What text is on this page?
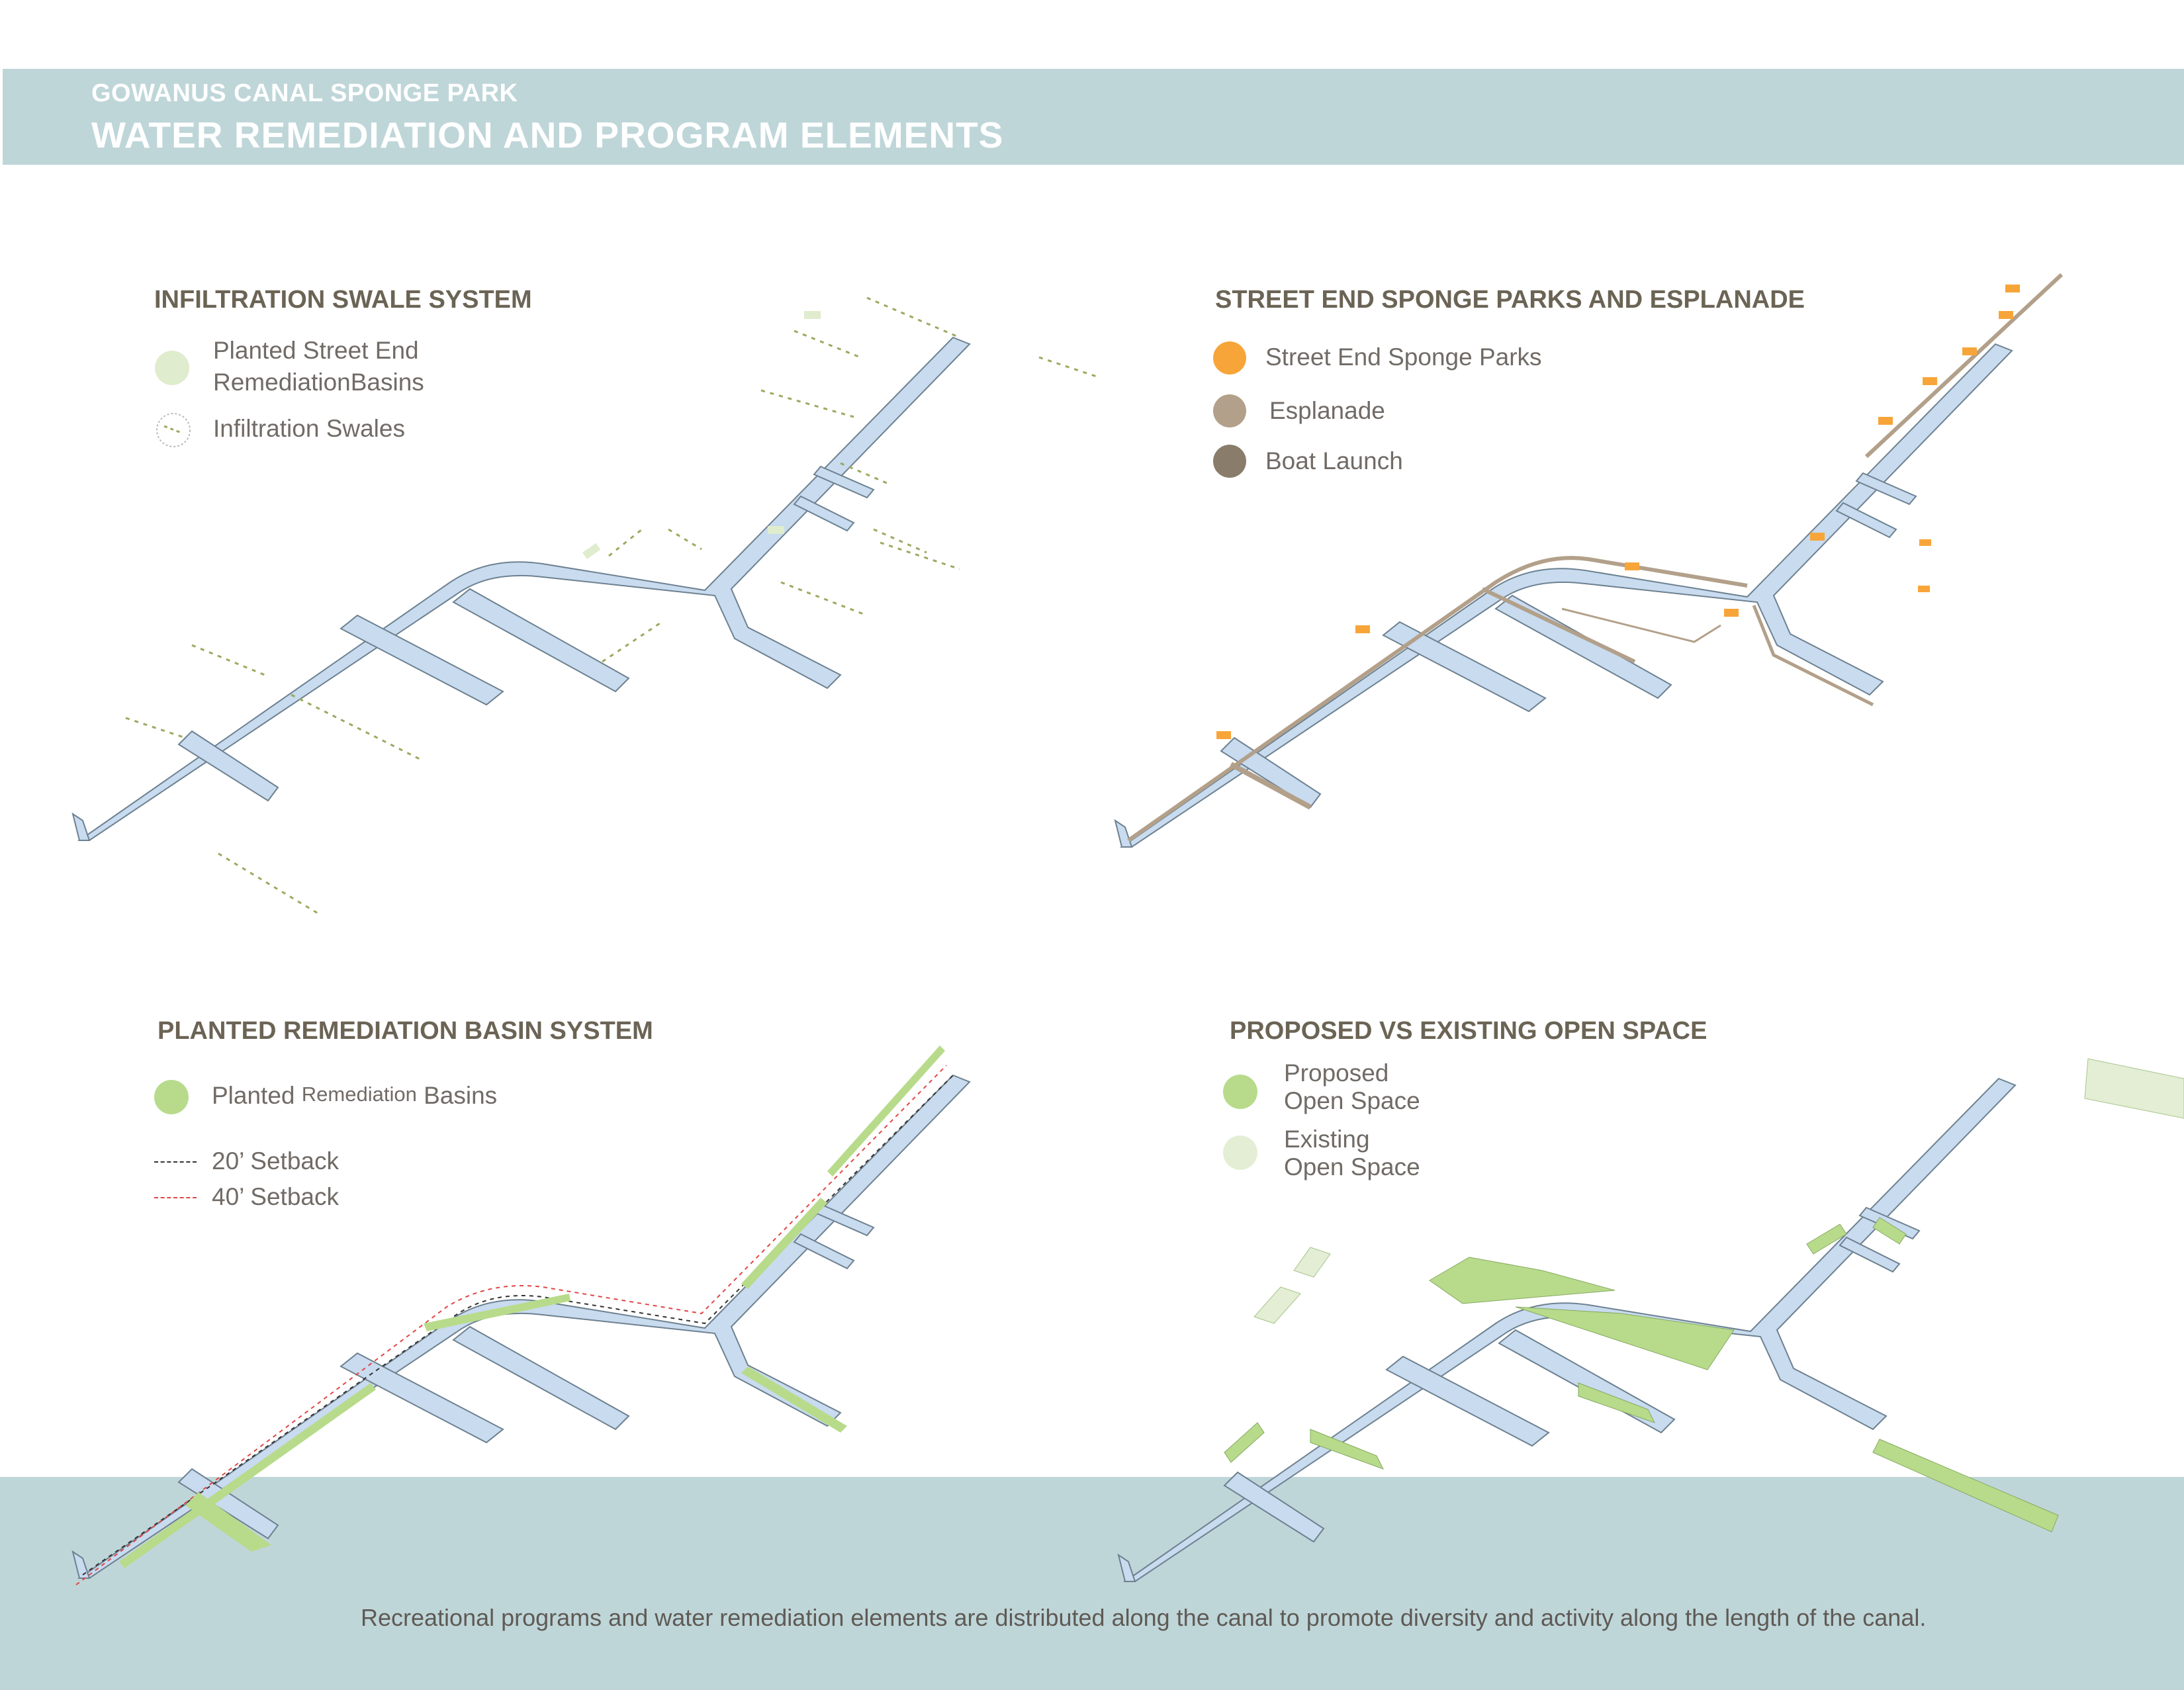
GOWANUS CANAL SPONGE PARK
WATER REMEDIATION AND PROGRAM ELEMENTS
INFILTRATION SWALE SYSTEM
Planted Street End
RemediationBasins
Infiltration Swales
STREET END SPONGE PARKS AND ESPLANADE
Street End Sponge Parks
Esplanade
Boat Launch
PLANTED REMEDIATION BASIN SYSTEM
Planted Remediation Basins
20’ Setback
40’ Setback
PROPOSED VS EXISTING OPEN SPACE
Proposed
Open Space
Existing
Open Space
Recreational programs and water remediation elements are distributed along the canal to promote diversity and activity along the length of the canal.
